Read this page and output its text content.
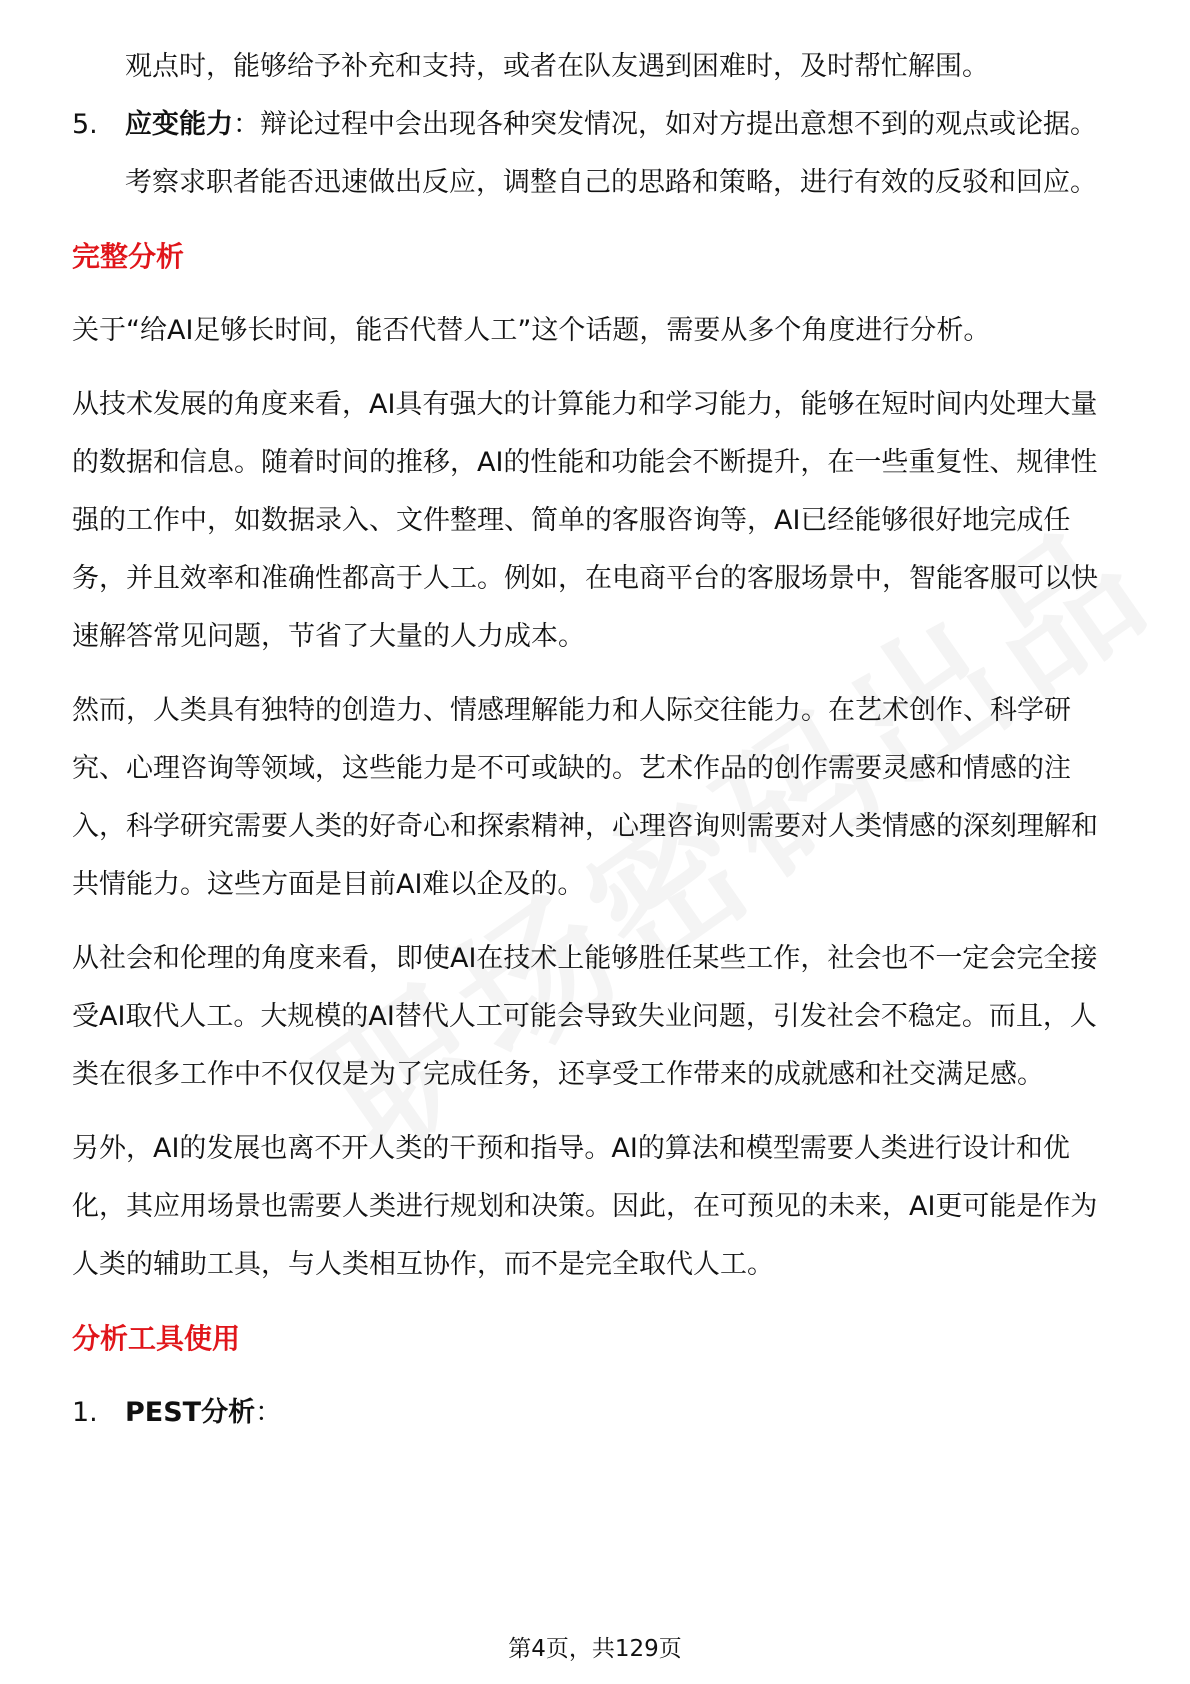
观点时，能够给予补充和支持，或者在队友遇到困难时，及时帮忙解围。
5.	应变能力：辩论过程中会出现各种突发情况，如对方提出意想不到的观点或论据。考察求职者能否迅速做出反应，调整自己的思路和策略，进行有效的反驳和回应。
完整分析

关于“给AI足够长时间，能否代替人工”这个话题，需要从多个角度进行分析。

从技术发展的角度来看，AI具有强大的计算能力和学习能力，能够在短时间内处理大量的数据和信息。随着时间的推移，AI的性能和功能会不断提升，在一些重复性、规律性强的工作中，如数据录入、文件整理、简单的客服咨询等，AI已经能够很好地完成任务，并且效率和准确性都高于人工。例如，在电商平台的客服场景中，智能客服可以快速解答常见问题，节省了大量的人力成本。

然而，人类具有独特的创造力、情感理解能力和人际交往能力。在艺术创作、科学研究、心理咨询等领域，这些能力是不可或缺的。艺术作品的创作需要灵感和情感的注入，科学研究需要人类的好奇心和探索精神，心理咨询则需要对人类情感的深刻理解和共情能力。这些方面是目前AI难以企及的。

从社会和伦理的角度来看，即使AI在技术上能够胜任某些工作，社会也不一定会完全接受AI取代人工。大规模的AI替代人工可能会导致失业问题，引发社会不稳定。而且，人类在很多工作中不仅仅是为了完成任务，还享受工作带来的成就感和社交满足感。

另外，AI的发展也离不开人类的干预和指导。AI的算法和模型需要人类进行设计和优化，其应用场景也需要人类进行规划和决策。因此，在可预见的未来，AI更可能是作为人类的辅助工具，与人类相互协作，而不是完全取代人工。

分析工具使用
1.	PEST分析：
第4页，共129页
